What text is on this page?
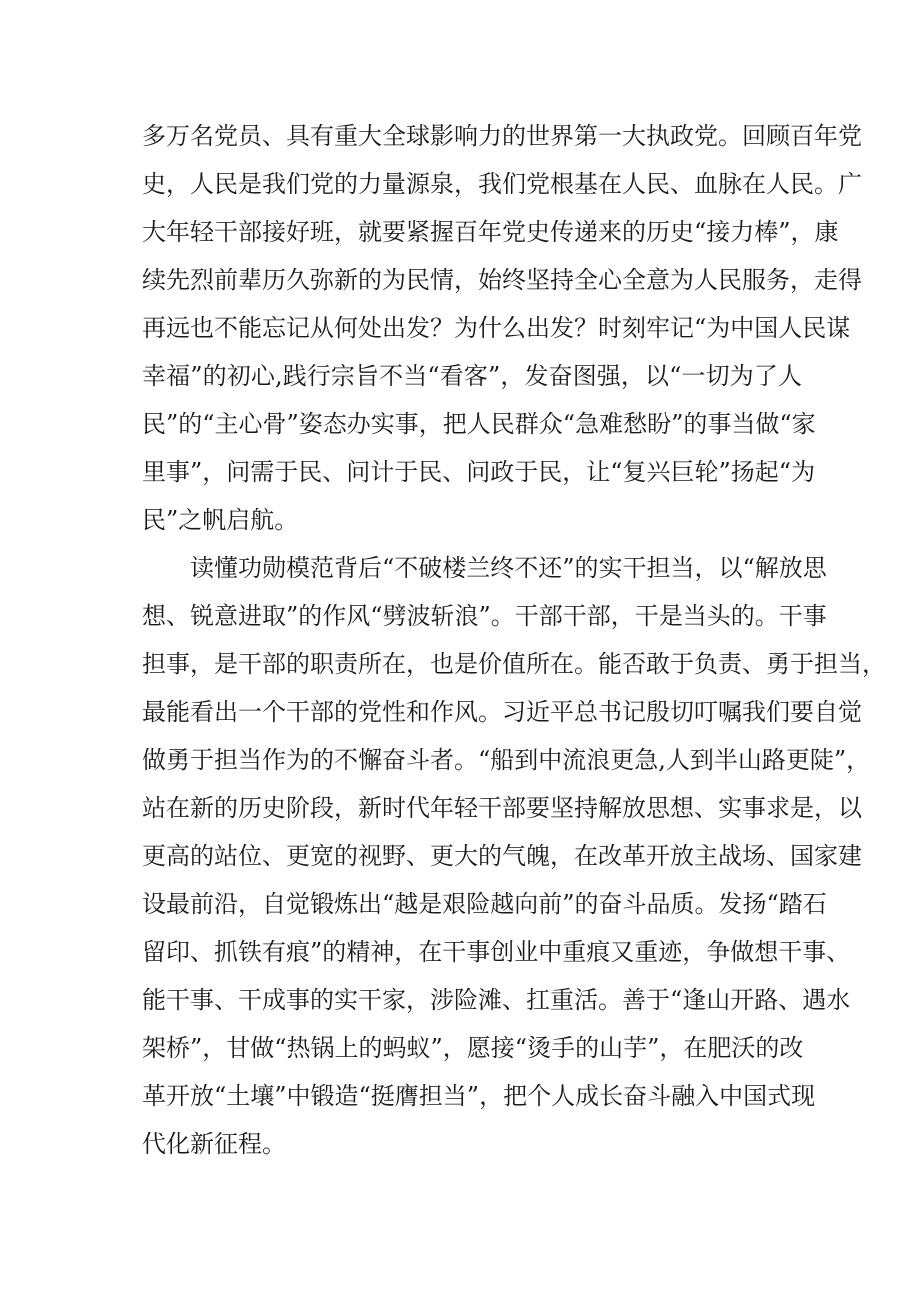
多万名党员、具有重大全球影响力的世界第一大执政党。回顾百年党
史，人民是我们党的力量源泉，我们党根基在人民、血脉在人民。广
大年轻干部接好班，就要紧握百年党史传递来的历史“接力棒”，康
续先烈前辈历久弥新的为民情，始终坚持全心全意为人民服务，走得
再远也不能忘记从何处出发？为什么出发？时刻牢记“为中国人民谋
幸福”的初心,践行宗旨不当“看客”，发奋图强，以“一切为了人
民”的“主心骨”姿态办实事，把人民群众“急难愁盼”的事当做“家
里事”，问需于民、问计于民、问政于民，让“复兴巨轮”扬起“为
民”之帆启航。
读懂功勋模范背后“不破楼兰终不还”的实干担当，以“解放思
想、锐意进取”的作风“劈波斩浪”。干部干部，干是当头的。干事
担事，是干部的职责所在，也是价值所在。能否敢于负责、勇于担当，
最能看出一个干部的党性和作风。习近平总书记殷切叮嘱我们要自觉
做勇于担当作为的不懈奋斗者。“船到中流浪更急,人到半山路更陡”，
站在新的历史阶段，新时代年轻干部要坚持解放思想、实事求是，以
更高的站位、更宽的视野、更大的气魄，在改革开放主战场、国家建
设最前沿，自觉锻炼出“越是艰险越向前”的奋斗品质。发扬“踏石
留印、抓铁有痕”的精神，在干事创业中重痕又重迹，争做想干事、
能干事、干成事的实干家，涉险滩、扛重活。善于“逢山开路、遇水
架桥”，甘做“热锅上的蚂蚁”，愿接“烫手的山芋”，在肥沃的改
革开放“土壤”中锻造“挺膺担当”，把个人成长奋斗融入中国式现
代化新征程。
